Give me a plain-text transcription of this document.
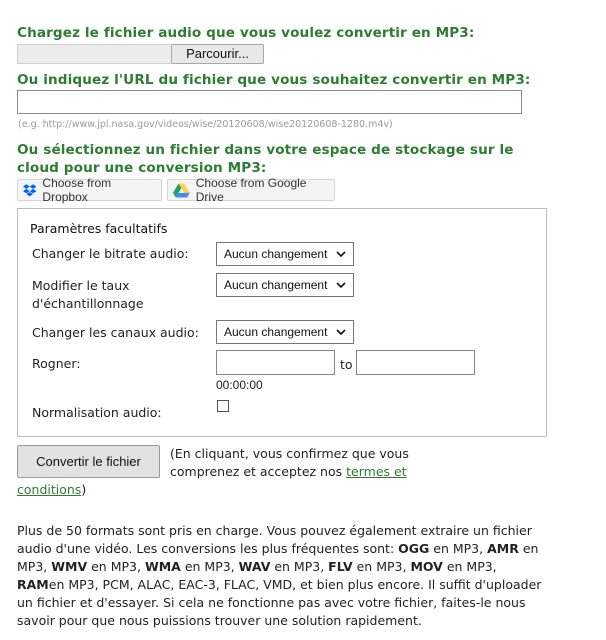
Chargez le fichier audio que vous voulez convertir en MP3:
Parcourir...
Ou indiquez l'URL du fichier que vous souhaitez convertir en MP3:
(e.g. http://www.jpl.nasa.gov/videos/wise/20120608/wise20120608-1280.m4v)
Ou sélectionnez un fichier dans votre espace de stockage sur le cloud pour une conversion MP3:
Choose from Dropbox
Choose from Google Drive
Paramètres facultatifs
Changer le bitrate audio:	Aucun changement
Modifier le taux
d'échantillonnage
Aucun changement
Changer les canaux audio: Aucun changement
Rogner:	to
00:00:00
Normalisation audio:
Convertir le fichier
(En cliquant, vous confirmez que vous
comprenez et acceptez nos termes et
conditions)

Plus de 50 formats sont pris en charge. Vous pouvez également extraire un fichier audio d'une vidéo. Les conversions les plus fréquentes sont: OGG en MP3, AMR en MP3, WMV en MP3, WMA en MP3, WAV en MP3, FLV en MP3, MOV en MP3, RAMen MP3, PCM, ALAC, EAC-3, FLAC, VMD, et bien plus encore. Il suffit d'uploader un fichier et d'essayer. Si cela ne fonctionne pas avec votre fichier, faites-le nous savoir pour que nous puissions trouver une solution rapidement.
